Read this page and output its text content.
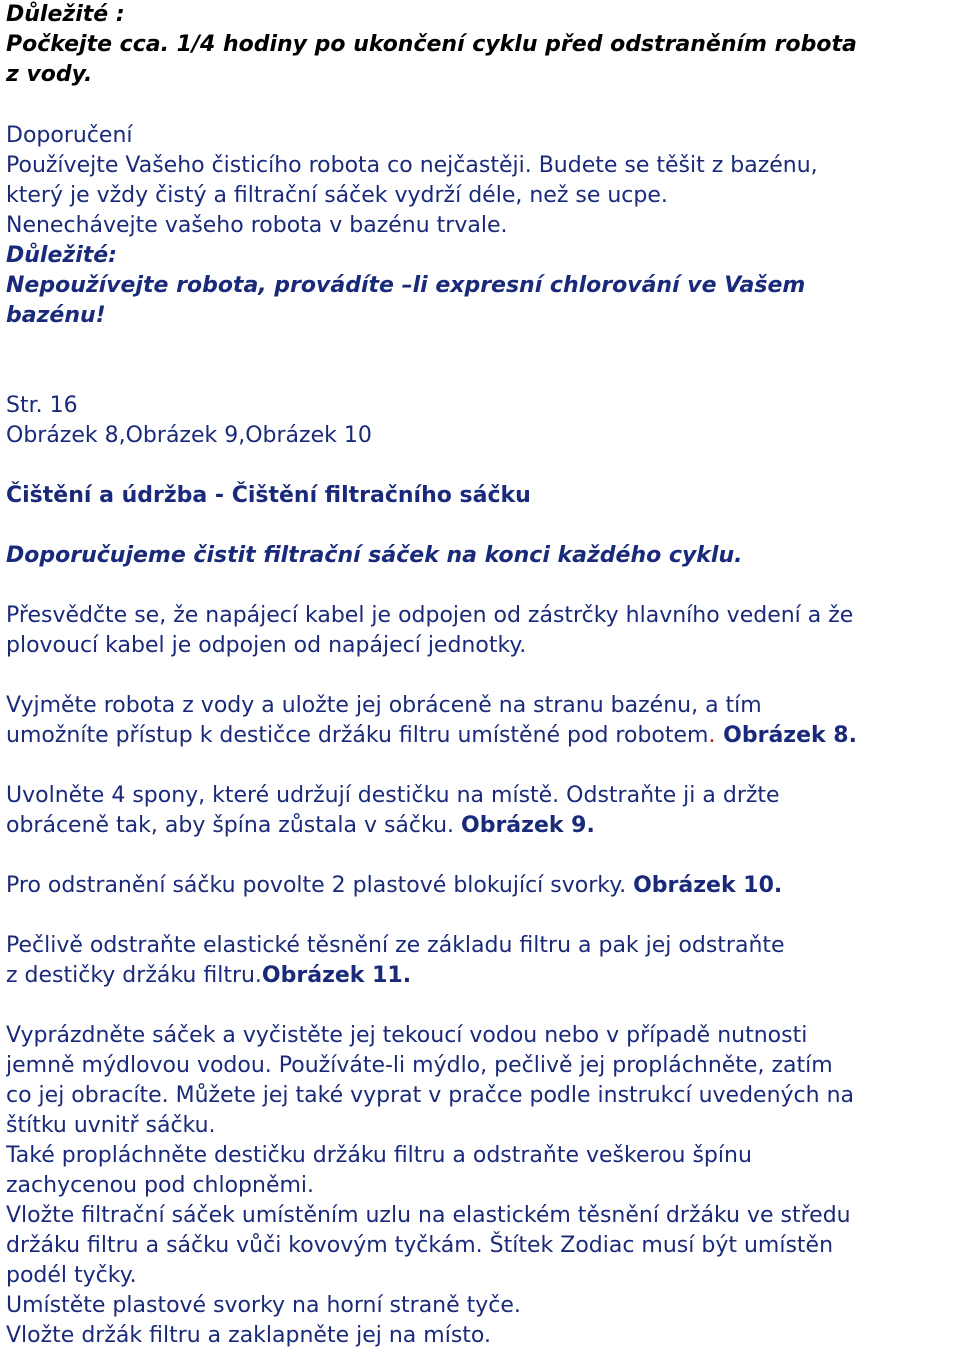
Důležité :
Počkejte cca. 1/4 hodiny po ukončení cyklu před odstraněním robota
z vody.
Doporučení
Používejte Vašeho čisticího robota co nejčastěji. Budete se těšit z bazénu,
který je vždy čistý a filtrační sáček vydrží déle, než se ucpe.
Nenechávejte vašeho robota v bazénu trvale.
Důležité:
Nepoužívejte robota, provádíte –li expresní chlorování ve Vašem
bazénu!
Str. 16
Obrázek 8,Obrázek 9,Obrázek 10
Čištění a údržba - Čištění filtračního sáčku
Doporučujeme čistit filtrační sáček na konci každého cyklu.
Přesvědčte se, že napájecí kabel je odpojen od zástrčky hlavního vedení a že
plovoucí kabel je odpojen od napájecí jednotky.
Vyjměte robota z vody a uložte jej obráceně na stranu bazénu, a tím
umožníte přístup k destičce držáku filtru umístěné pod robotem. Obrázek 8.
Uvolněte 4 spony, které udržují destičku na místě. Odstraňte ji a držte
obráceně tak, aby špína zůstala v sáčku. Obrázek 9.
Pro odstranění sáčku povolte 2 plastové blokující svorky. Obrázek 10.
Pečlivě odstraňte elastické těsnění ze základu filtru a pak jej odstraňte
z destičky držáku filtru.Obrázek 11.
Vyprázdněte sáček a vyčistěte jej tekoucí vodou nebo v případě nutnosti
jemně mýdlovou vodou. Používáte-li mýdlo, pečlivě jej propláchněte, zatím
co jej obracíte. Můžete jej také vyprat v pračce podle instrukcí uvedených na
štítku uvnitř sáčku.
Také propláchněte destičku držáku filtru a odstraňte veškerou špínu
zachycenou pod chlopněmi.
Vložte filtrační sáček umístěním uzlu na elastickém těsnění držáku ve středu
držáku filtru a sáčku vůči kovovým tyčkám. Štítek Zodiac musí být umístěn
podél tyčky.
Umístěte plastové svorky na horní straně tyče.
Vložte držák filtru a zaklapněte jej na místo.
